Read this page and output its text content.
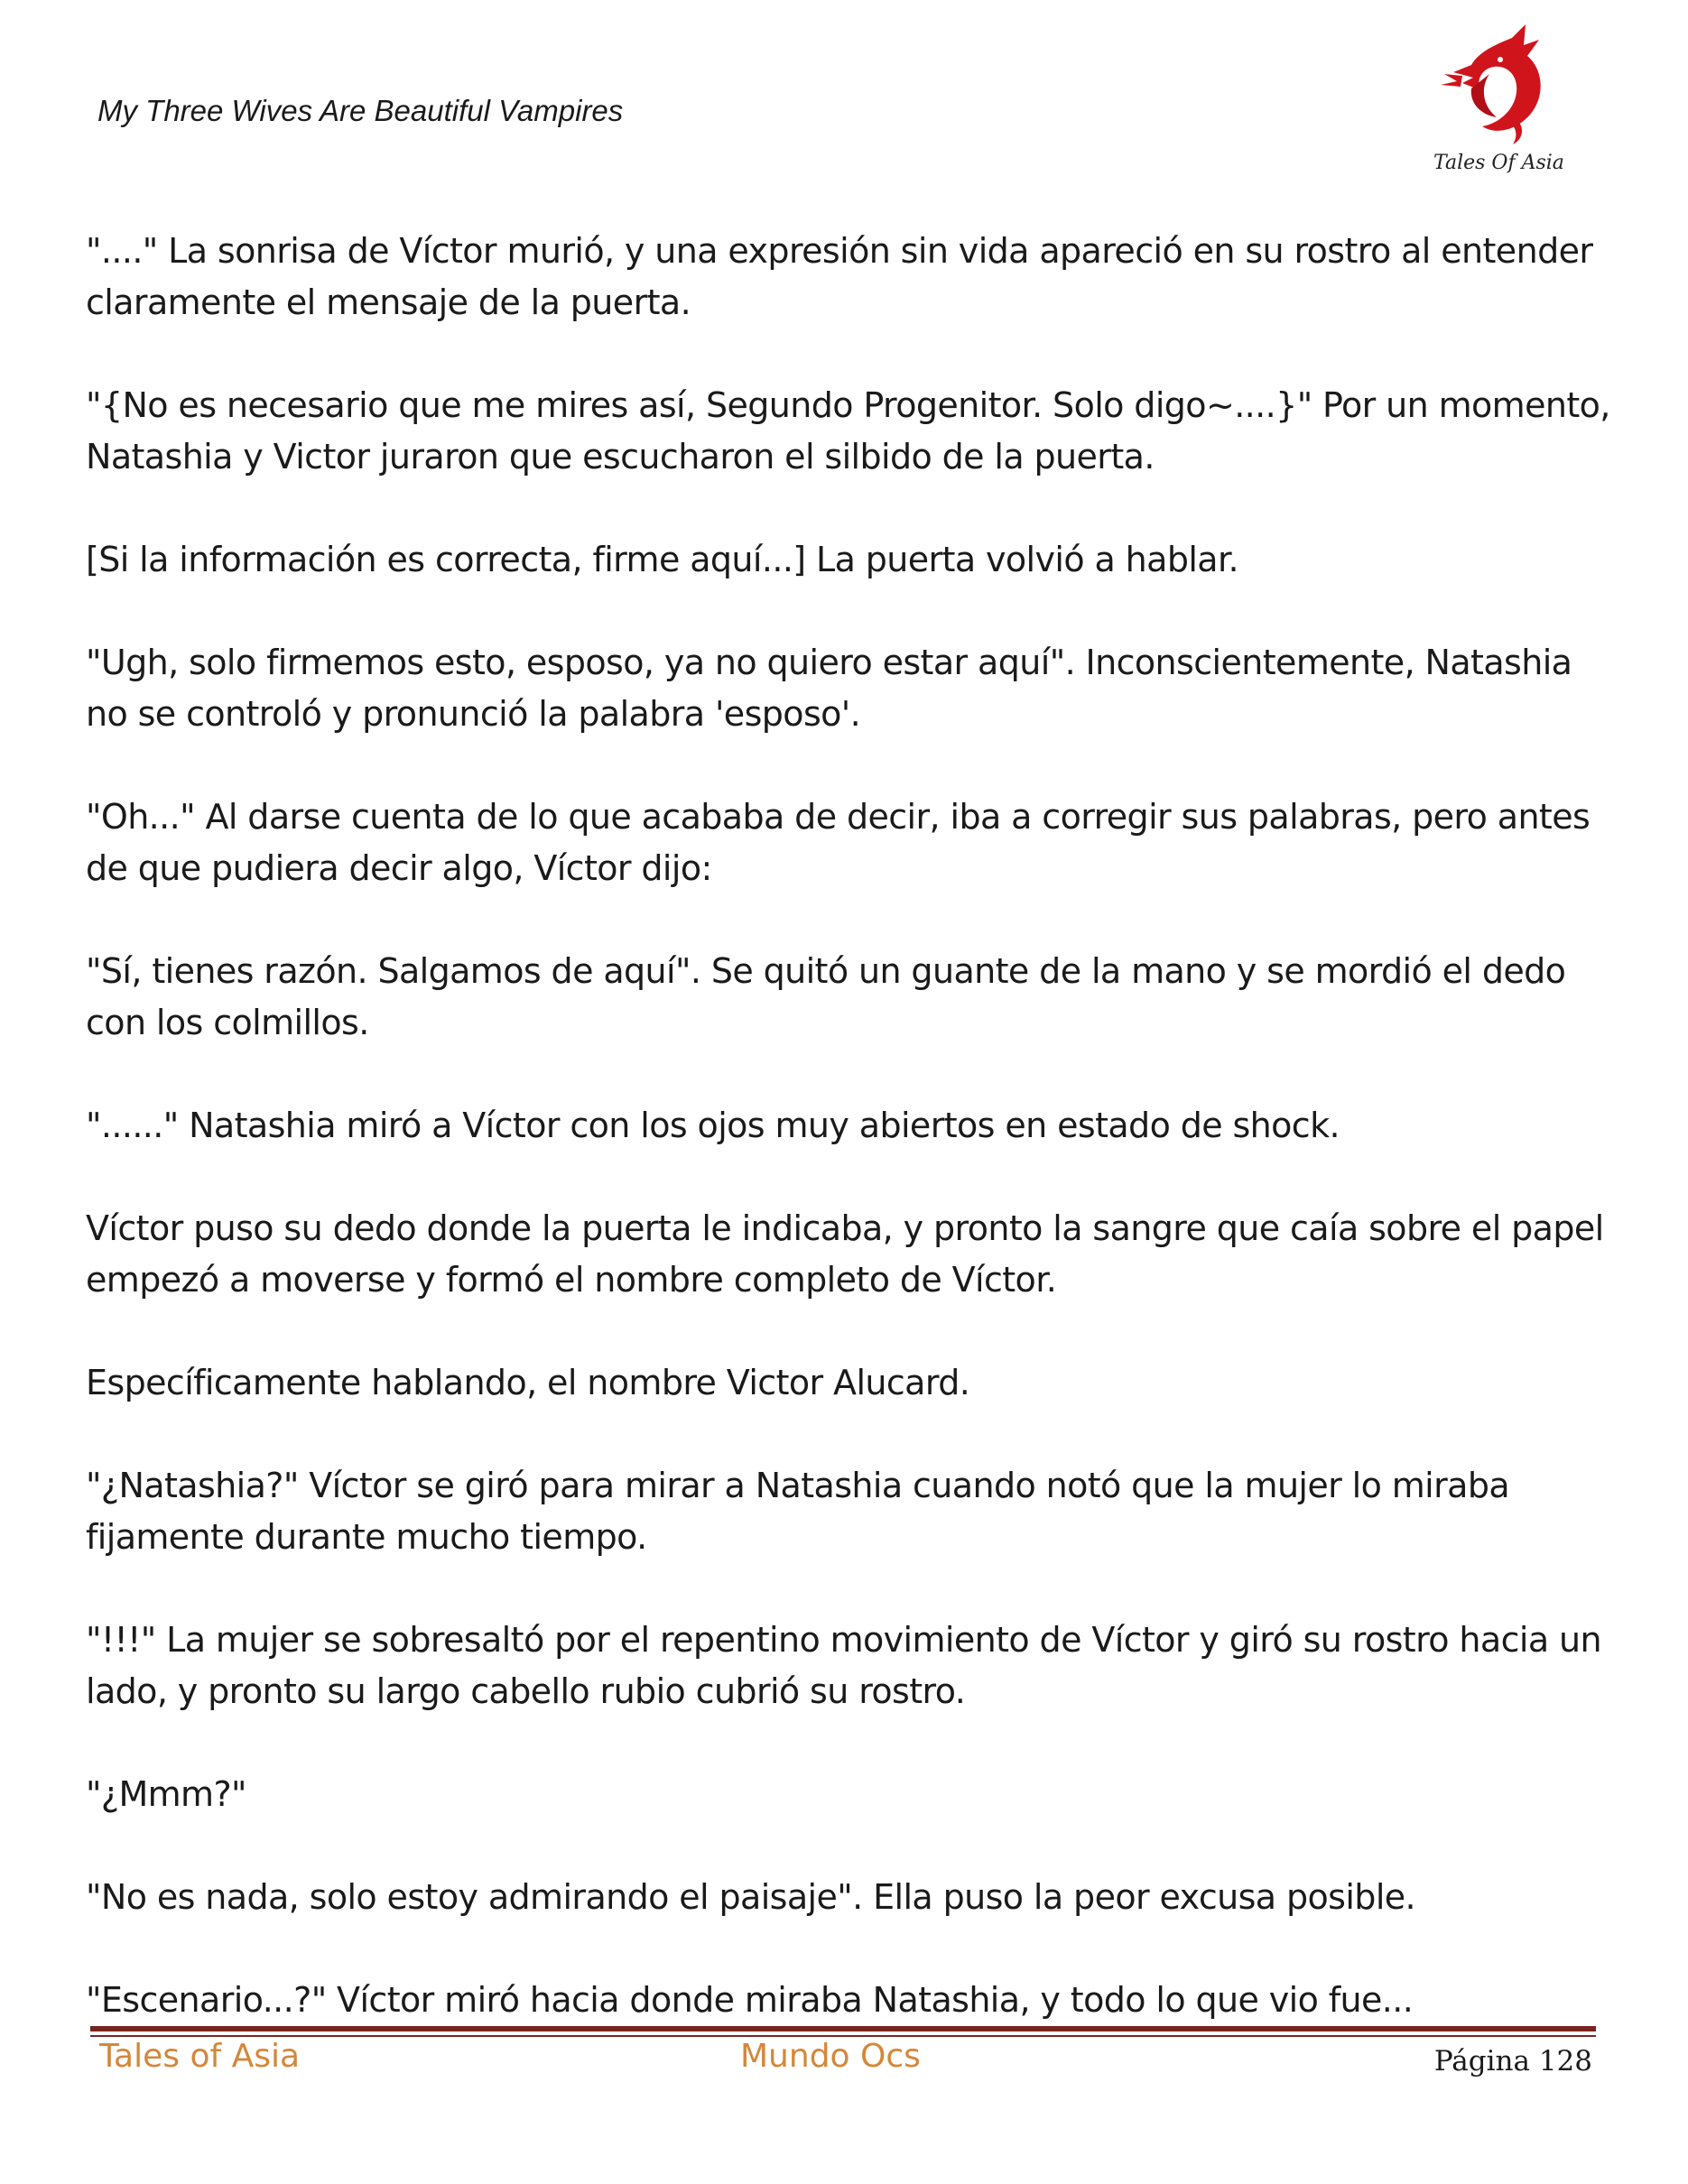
My Three Wives Are Beautiful Vampires
Tales Of Asia

"...." La sonrisa de Víctor murió, y una expresión sin vida apareció en su rostro al entender claramente el mensaje de la puerta.

"{No es necesario que me mires así, Segundo Progenitor. Solo digo~....}" Por un momento, Natashia y Victor juraron que escucharon el silbido de la puerta.

[Si la información es correcta, firme aquí...] La puerta volvió a hablar.

"Ugh, solo firmemos esto, esposo, ya no quiero estar aquí". Inconscientemente, Natashia no se controló y pronunció la palabra 'esposo'.

"Oh..." Al darse cuenta de lo que acababa de decir, iba a corregir sus palabras, pero antes de que pudiera decir algo, Víctor dijo:

"Sí, tienes razón. Salgamos de aquí". Se quitó un guante de la mano y se mordió el dedo con los colmillos.

"......" Natashia miró a Víctor con los ojos muy abiertos en estado de shock.

Víctor puso su dedo donde la puerta le indicaba, y pronto la sangre que caía sobre el papel empezó a moverse y formó el nombre completo de Víctor.

Específicamente hablando, el nombre Victor Alucard.

"¿Natashia?" Víctor se giró para mirar a Natashia cuando notó que la mujer lo miraba fijamente durante mucho tiempo.

"!!!" La mujer se sobresaltó por el repentino movimiento de Víctor y giró su rostro hacia un lado, y pronto su largo cabello rubio cubrió su rostro.

"¿Mmm?"

"No es nada, solo estoy admirando el paisaje". Ella puso la peor excusa posible.

"Escenario...?" Víctor miró hacia donde miraba Natashia, y todo lo que vio fue...

Tales of Asia	Mundo Ocs	Página 128
